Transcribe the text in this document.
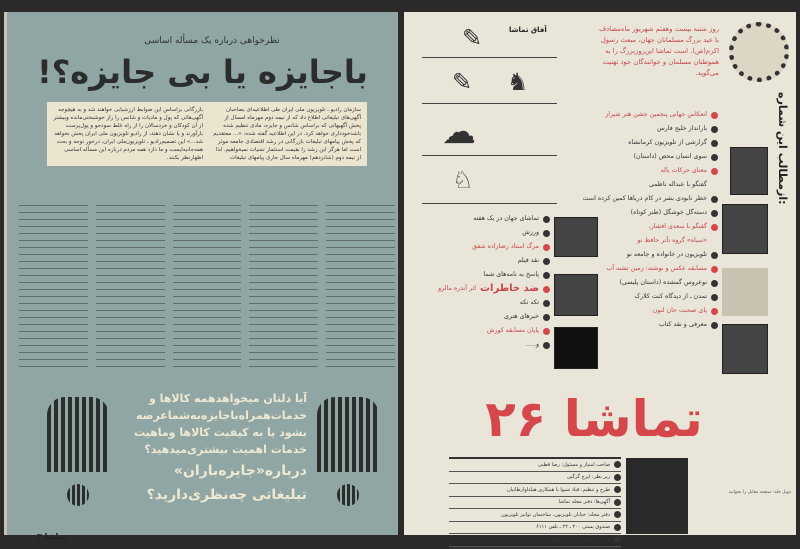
نظرخواهی درباره یک مسأله اساسی
باجایزه یا بی جایزه؟!
سازمان رادیو ـ تلویزیون ملی ایران طی اطلاعیه‌ای بصاحبان آگهی‌های تبلیغاتی اطلاع داد که از نیمه دوم مهرماه امسال از پخش آگهیهائی که براساس شانس و جایزه، مادی تنظیم شده باشدخودداری خواهد کرد. در این اطلاعیه گفته شده: «... معتقدیم که پخش پیامهای تبلیغات بازرگانی در رشد اقتصادی جامعه موثر است اما هرگز این رشد را بقیمت استثمار تمنیات نمیخواهیم. لذا از نیمه دوم (شانزدهم) مهرماه سال جاری پیامهای تبلیغات
بازرگانی براساس این ضوابط ارزشیابی خواهند شد و به هیچوجه آگهی‌هائی که پول و ماديات و شانس را راز خوشبختی‌مانده وبیشتر از آن کودکان و خردسالان را از راه غلط سودجو و پول‌پرست بارآورند و یا نشان دهند، از رادیو تلویزیون ملی ایران پخش نخواهد شد...» این تصمیم‌رادیو ـ تلویزیون‌ملی ایران، درخور توجه و بحث همه‌جانبه‌ایست و ما دارد همه مردم درباره این مسأله اساسی اظهارنظر بکنند.
آیا دلتان میخواهدهمه کالاها و
خدمات‌همراه‌باجایزه‌به‌شماعرضه
بشود یا به کیفیت کالاها وماهیت
خدمات اهمیت بیشتری‌میدهید؟
درباره«جایزه‌باران»
تبلیغاتی چه‌نظری‌دارید؟
تماشا ۳
روز شنبه بیست وهفتم شهریور ماه‌مصادف با عید بزرگ مسلمانان جهان، مبعث رسول اکرم(ص). است تماشا این‌روزبزرگ را به هموطنان مسلمان و خوانندگان خود تهنیت می‌گوید.
ازمطالب این شماره:
آفاق تماشا
✎
✎ ♞
☁
♘
انعکاس جهانی پنجمین جشن هنر شیراز
بارانداز خلیج فارس
گزارشی از تلویزیون کرمانشاه
سوی انسان محض (داستان)
معنای حرکات باله
گفتگو با عبداله ناظمی
خطر نابودی بشر در کام دریاها کمین کرده است
دسته‌گل خوشگل (طنز کوتاه)
گفتگو با سعدی افشار،
«سیاه» گروه تآتر حافظ نو
تلویزیون در خانواده و جامعه نو
مسابقه عکس و نوشته: زمین تشنه آب
نوعروس گمشده (داستان پلیسی)
تمدن ـ از دیدگاه کنت کلارک
پای صحبت جان لنون
معرفی و نقد کتاب
تماشای جهان در یک هفته
ورزش
مرگ استاد رضازاده شفق
نقد فیلم
پاسخ به نامه‌های شما
ضد خاطرات
اثر آندره مالرو
تکه تکه
خبرهای هنری
پایان مسابقه کورش
و.....
تماشا ۲۶
صاحب امتیاز و مسئول: رضا قطبی
زیر نظر: ایرج گرگین
طرح و تنظیم: قباد شیوا با همکاری هیلدا‌وارطانیان
آگهی‌ها: دفتر مجله تماشا
دفتر مجله: خیابان تلویزیون، ساختمان توانیر تلویزیون
صندوق پستی ۲۰۰ ـ ۲۲ ـ تلفن ۶۱۱۱
چاپ زیبا تلفن ۴۰۱۵۳۷ ـ ۶۱۶۹۵۶
دوبل جلد: صفحه مقابل را بخوانید
